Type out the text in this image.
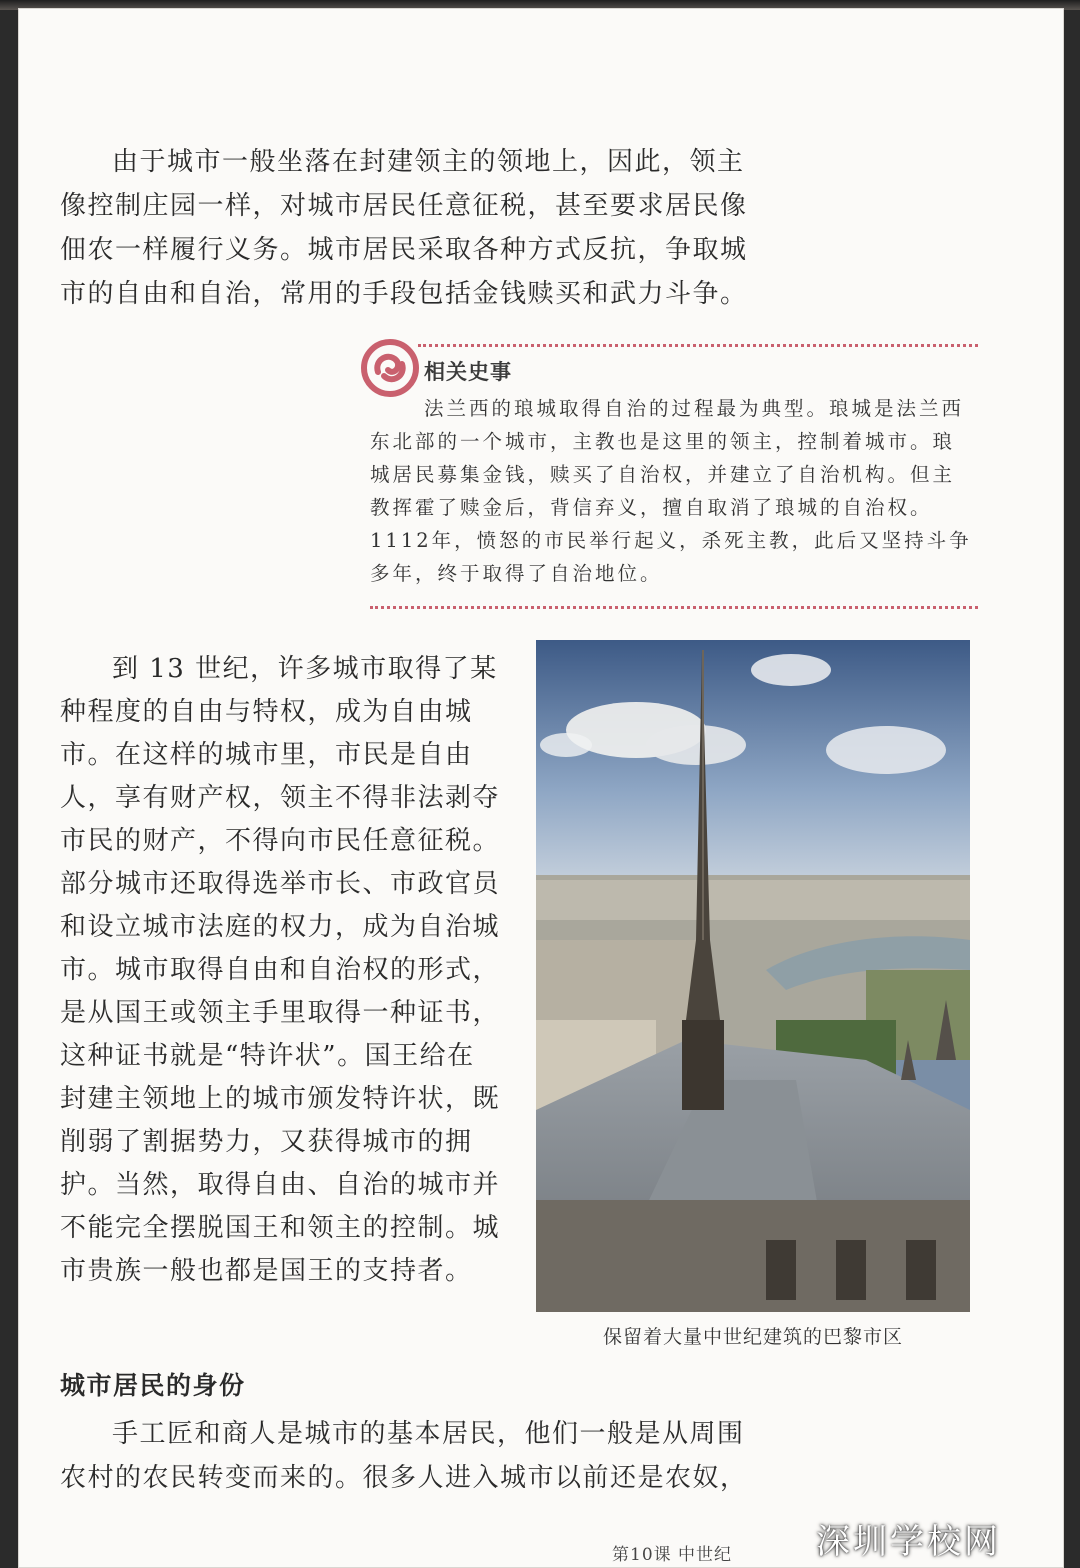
由于城市一般坐落在封建领主的领地上，因此，领主像控制庄园一样，对城市居民任意征税，甚至要求居民像佃农一样履行义务。城市居民采取各种方式反抗，争取城市的自由和自治，常用的手段包括金钱赎买和武力斗争。

相关史事

法兰西的琅城取得自治的过程最为典型。琅城是法兰西东北部的一个城市，主教也是这里的领主，控制着城市。琅城居民募集金钱，赎买了自治权，并建立了自治机构。但主教挥霍了赎金后，背信弃义，擅自取消了琅城的自治权。1112年，愤怒的市民举行起义，杀死主教，此后又坚持斗争多年，终于取得了自治地位。

到 13 世纪，许多城市取得了某种程度的自由与特权，成为自由城市。在这样的城市里，市民是自由人，享有财产权，领主不得非法剥夺市民的财产，不得向市民任意征税。部分城市还取得选举市长、市政官员和设立城市法庭的权力，成为自治城市。城市取得自由和自治权的形式，是从国王或领主手里取得一种证书，这种证书就是“特许状”。国王给在封建主领地上的城市颁发特许状，既削弱了割据势力，又获得城市的拥护。当然，取得自由、自治的城市并不能完全摆脱国王和领主的控制。城市贵族一般也都是国王的支持者。

保留着大量中世纪建筑的巴黎市区

城市居民的身份

手工匠和商人是城市的基本居民，他们一般是从周围农村的农民转变而来的。很多人进入城市以前还是农奴，

第10课 中世纪 深圳学校网
